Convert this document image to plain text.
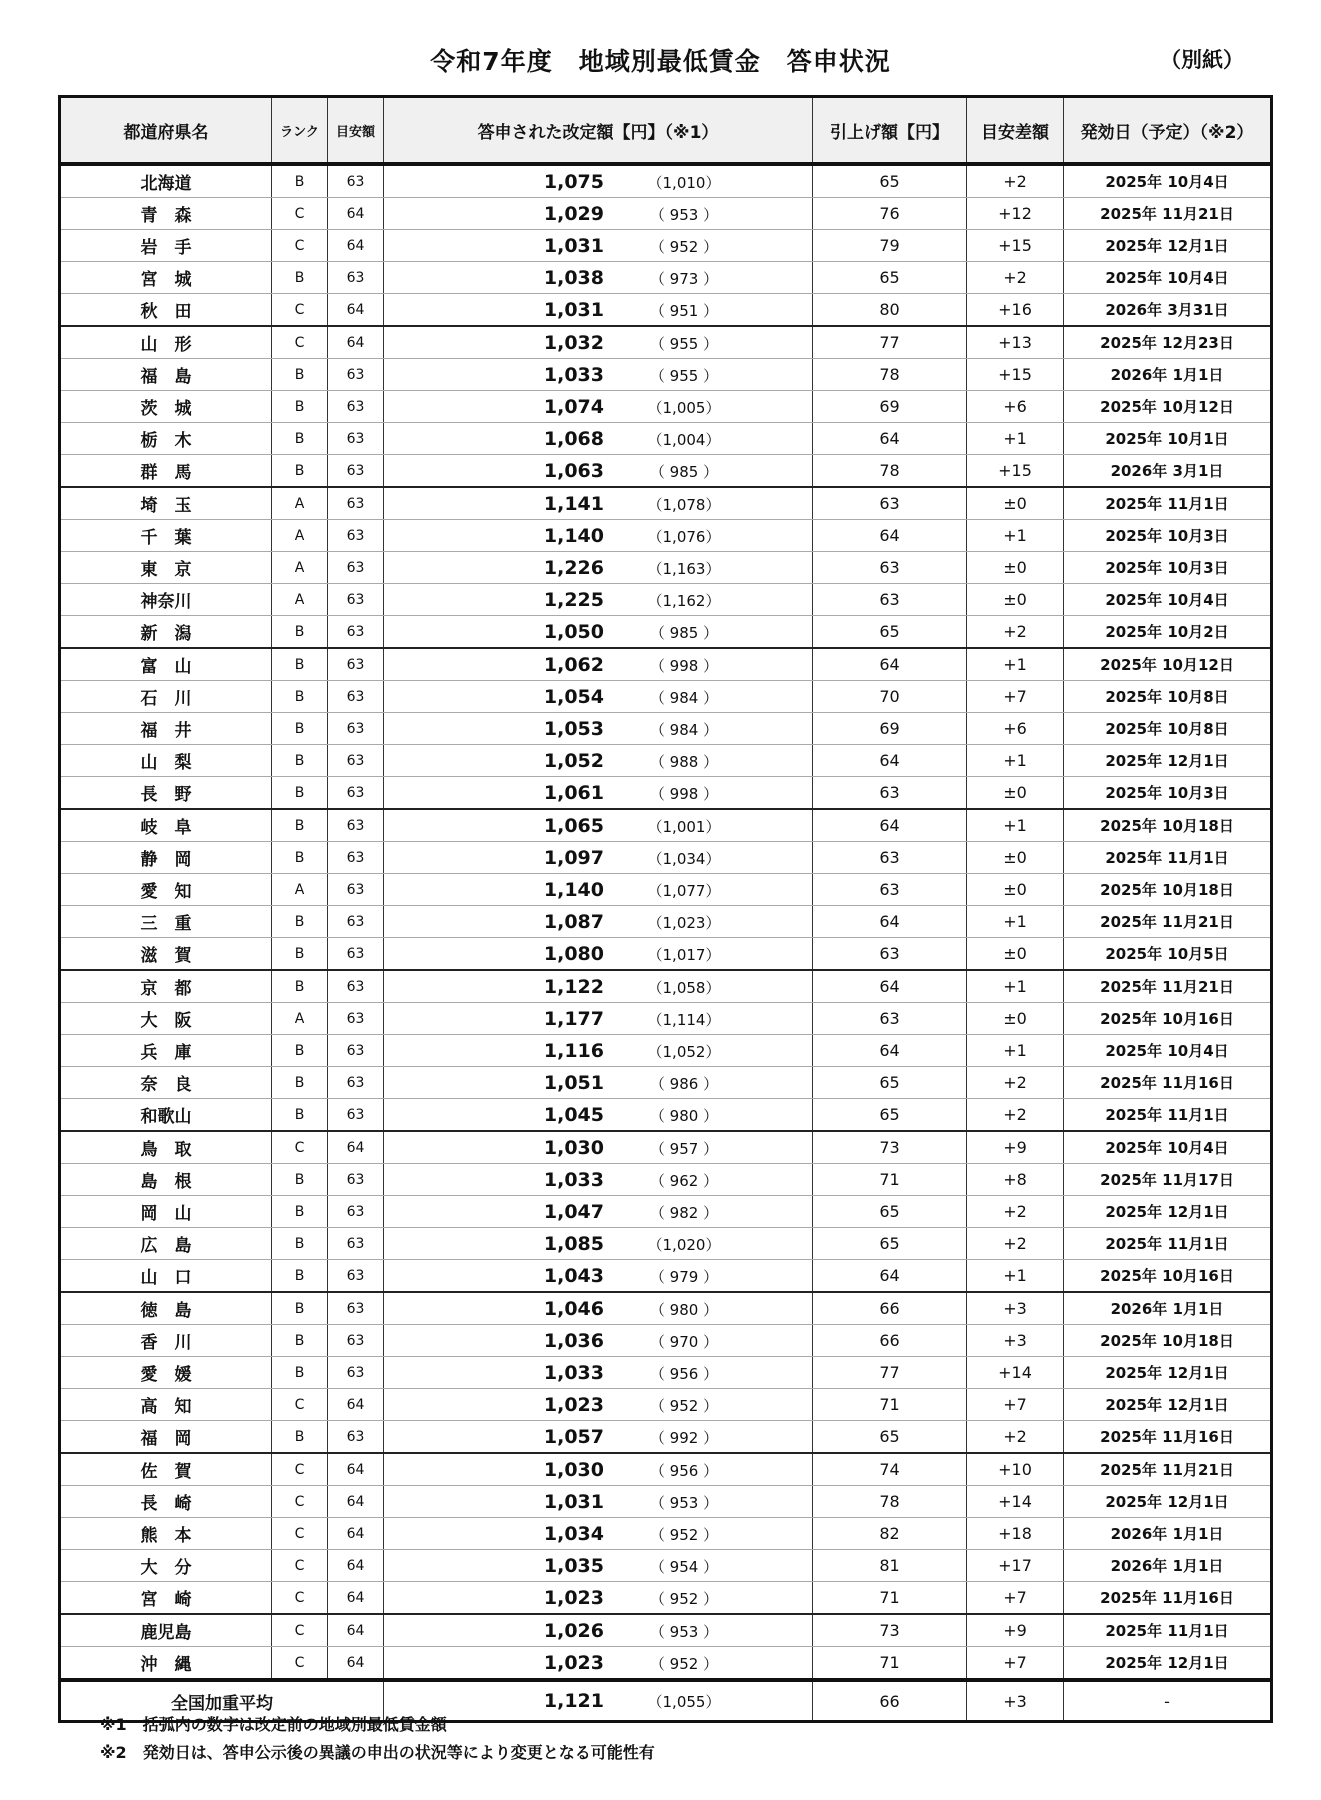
令和7年度　地域別最低賃金　答申状況	（別紙）
都道府県名	ランク	目安額	答申された改定額【円】（※1）	引上げ額【円】	目安差額	発効日（予定）（※2）
北海道	B	63	1,075 （1,010）	65	+2	2025年 10月4日
青　森	C	64	1,029 （ 953 ）	76	+12	2025年 11月21日
岩　手	C	64	1,031 （ 952 ）	79	+15	2025年 12月1日
宮　城	B	63	1,038 （ 973 ）	65	+2	2025年 10月4日
秋　田	C	64	1,031 （ 951 ）	80	+16	2026年 3月31日
山　形	C	64	1,032 （ 955 ）	77	+13	2025年 12月23日
福　島	B	63	1,033 （ 955 ）	78	+15	2026年 1月1日
茨　城	B	63	1,074 （1,005）	69	+6	2025年 10月12日
栃　木	B	63	1,068 （1,004）	64	+1	2025年 10月1日
群　馬	B	63	1,063 （ 985 ）	78	+15	2026年 3月1日
埼　玉	A	63	1,141 （1,078）	63	±0	2025年 11月1日
千　葉	A	63	1,140 （1,076）	64	+1	2025年 10月3日
東　京	A	63	1,226 （1,163）	63	±0	2025年 10月3日
神奈川	A	63	1,225 （1,162）	63	±0	2025年 10月4日
新　潟	B	63	1,050 （ 985 ）	65	+2	2025年 10月2日
富　山	B	63	1,062 （ 998 ）	64	+1	2025年 10月12日
石　川	B	63	1,054 （ 984 ）	70	+7	2025年 10月8日
福　井	B	63	1,053 （ 984 ）	69	+6	2025年 10月8日
山　梨	B	63	1,052 （ 988 ）	64	+1	2025年 12月1日
長　野	B	63	1,061 （ 998 ）	63	±0	2025年 10月3日
岐　阜	B	63	1,065 （1,001）	64	+1	2025年 10月18日
静　岡	B	63	1,097 （1,034）	63	±0	2025年 11月1日
愛　知	A	63	1,140 （1,077）	63	±0	2025年 10月18日
三　重	B	63	1,087 （1,023）	64	+1	2025年 11月21日
滋　賀	B	63	1,080 （1,017）	63	±0	2025年 10月5日
京　都	B	63	1,122 （1,058）	64	+1	2025年 11月21日
大　阪	A	63	1,177 （1,114）	63	±0	2025年 10月16日
兵　庫	B	63	1,116 （1,052）	64	+1	2025年 10月4日
奈　良	B	63	1,051 （ 986 ）	65	+2	2025年 11月16日
和歌山	B	63	1,045 （ 980 ）	65	+2	2025年 11月1日
鳥　取	C	64	1,030 （ 957 ）	73	+9	2025年 10月4日
島　根	B	63	1,033 （ 962 ）	71	+8	2025年 11月17日
岡　山	B	63	1,047 （ 982 ）	65	+2	2025年 12月1日
広　島	B	63	1,085 （1,020）	65	+2	2025年 11月1日
山　口	B	63	1,043 （ 979 ）	64	+1	2025年 10月16日
徳　島	B	63	1,046 （ 980 ）	66	+3	2026年 1月1日
香　川	B	63	1,036 （ 970 ）	66	+3	2025年 10月18日
愛　媛	B	63	1,033 （ 956 ）	77	+14	2025年 12月1日
高　知	C	64	1,023 （ 952 ）	71	+7	2025年 12月1日
福　岡	B	63	1,057 （ 992 ）	65	+2	2025年 11月16日
佐　賀	C	64	1,030 （ 956 ）	74	+10	2025年 11月21日
長　崎	C	64	1,031 （ 953 ）	78	+14	2025年 12月1日
熊　本	C	64	1,034 （ 952 ）	82	+18	2026年 1月1日
大　分	C	64	1,035 （ 954 ）	81	+17	2026年 1月1日
宮　崎	C	64	1,023 （ 952 ）	71	+7	2025年 11月16日
鹿児島	C	64	1,026 （ 953 ）	73	+9	2025年 11月1日
沖　縄	C	64	1,023 （ 952 ）	71	+7	2025年 12月1日
全国加重平均			1,121 （1,055）	66	+3	-
※1　括弧内の数字は改定前の地域別最低賃金額
※2　発効日は、答申公示後の異議の申出の状況等により変更となる可能性有
